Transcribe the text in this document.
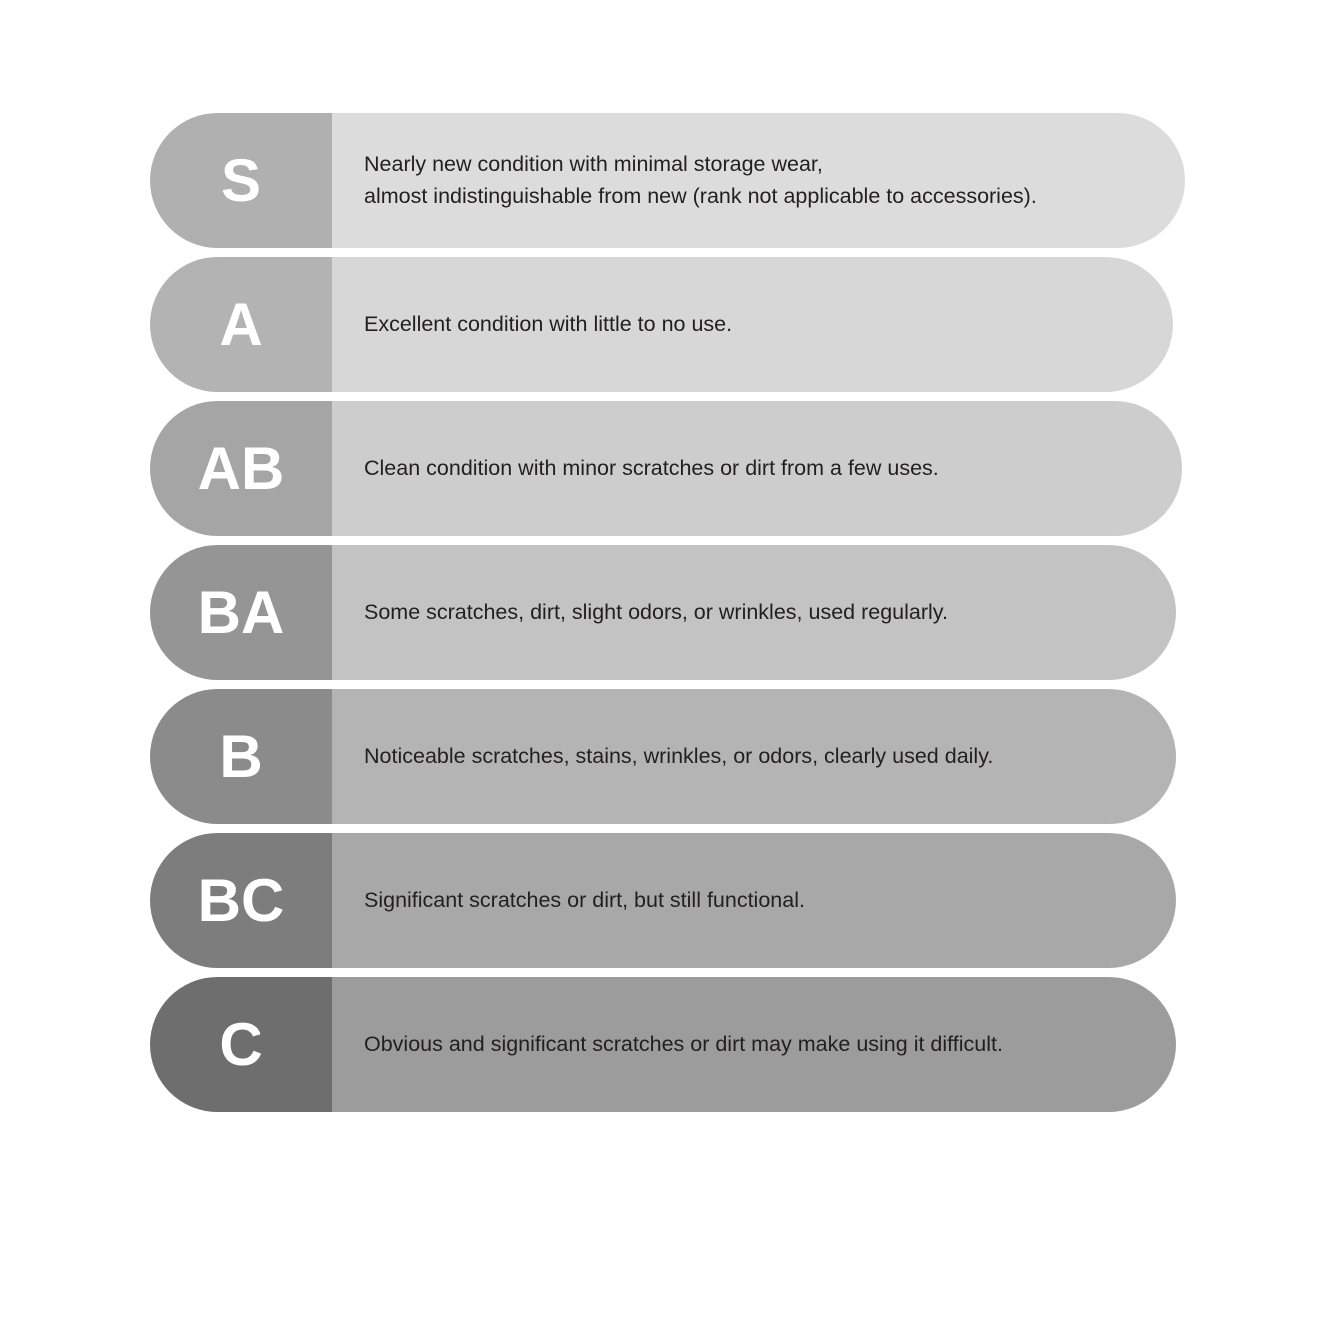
S	Nearly new condition with minimal storage wear,
almost indistinguishable from new (rank not applicable to accessories).
A	Excellent condition with little to no use.
AB	Clean condition with minor scratches or dirt from a few uses.
BA	Some scratches, dirt, slight odors, or wrinkles, used regularly.
B	Noticeable scratches, stains, wrinkles, or odors, clearly used daily.
BC	Significant scratches or dirt, but still functional.
C	Obvious and significant scratches or dirt may make using it difficult.
